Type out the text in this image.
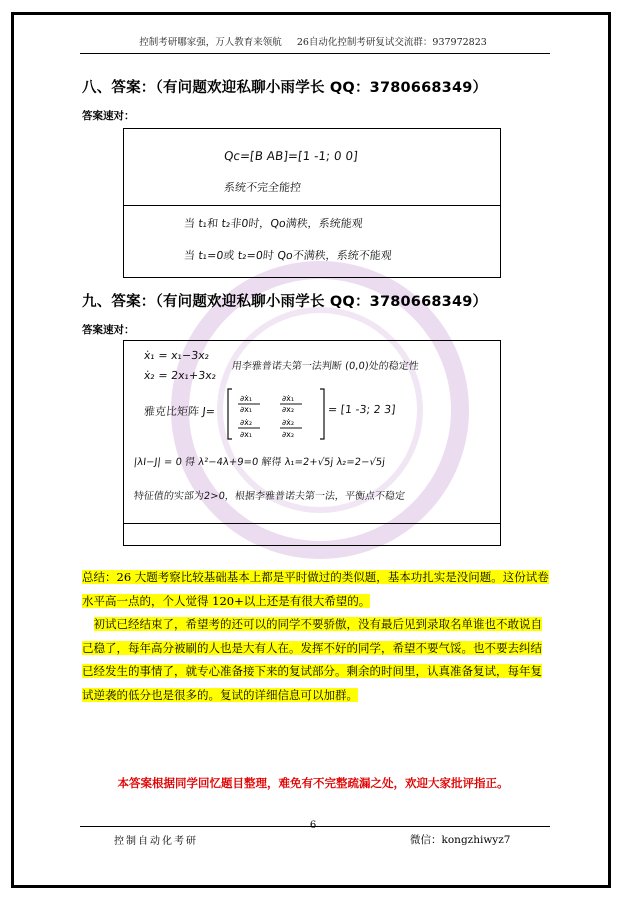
控制考研哪家强，万人教育来领航 26自动化控制考研复试交流群：937972823
八、答案：（有问题欢迎私聊小雨学长 QQ：3780668349）
答案速对：
Qc=[B AB]=[1 -1; 0 0]
系统不完全能控
当 t₁和 t₂非0时，Qo满秩，系统能观
当 t₁=0或 t₂=0时 Qo不满秩，系统不能观
九、答案：（有问题欢迎私聊小雨学长 QQ：3780668349）
答案速对：
ẋ₁ = x₁−3x₂
ẋ₂ = 2x₁+3x₂
用李雅普诺夫第一法判断 (0,0)处的稳定性
雅克比矩阵 J=
∂ẋ₁
∂x₁
∂ẋ₁
∂x₂
∂ẋ₂
∂x₁
∂ẋ₂
∂x₂
= [1 -3; 2 3]
|λI−J| = 0 得 λ²−4λ+9=0 解得 λ₁=2+√5j λ₂=2−√5j
特征值的实部为2>0，根据李雅普诺夫第一法，平衡点不稳定
总结：26 大题考察比较基础基本上都是平时做过的类似题，基本功扎实是没问题。这份试卷水平高一点的，个人觉得 120+以上还是有很大希望的。
初试已经结束了，希望考的还可以的同学不要骄傲，没有最后见到录取名单谁也不敢说自己稳了，每年高分被刷的人也是大有人在。发挥不好的同学，希望不要气馁。也不要去纠结已经发生的事情了，就专心准备接下来的复试部分。剩余的时间里，认真准备复试，每年复试逆袭的低分也是很多的。复试的详细信息可以加群。
本答案根据同学回忆题目整理，难免有不完整疏漏之处，欢迎大家批评指正。
6
控制自动化考研	微信：kongzhiwyz7
